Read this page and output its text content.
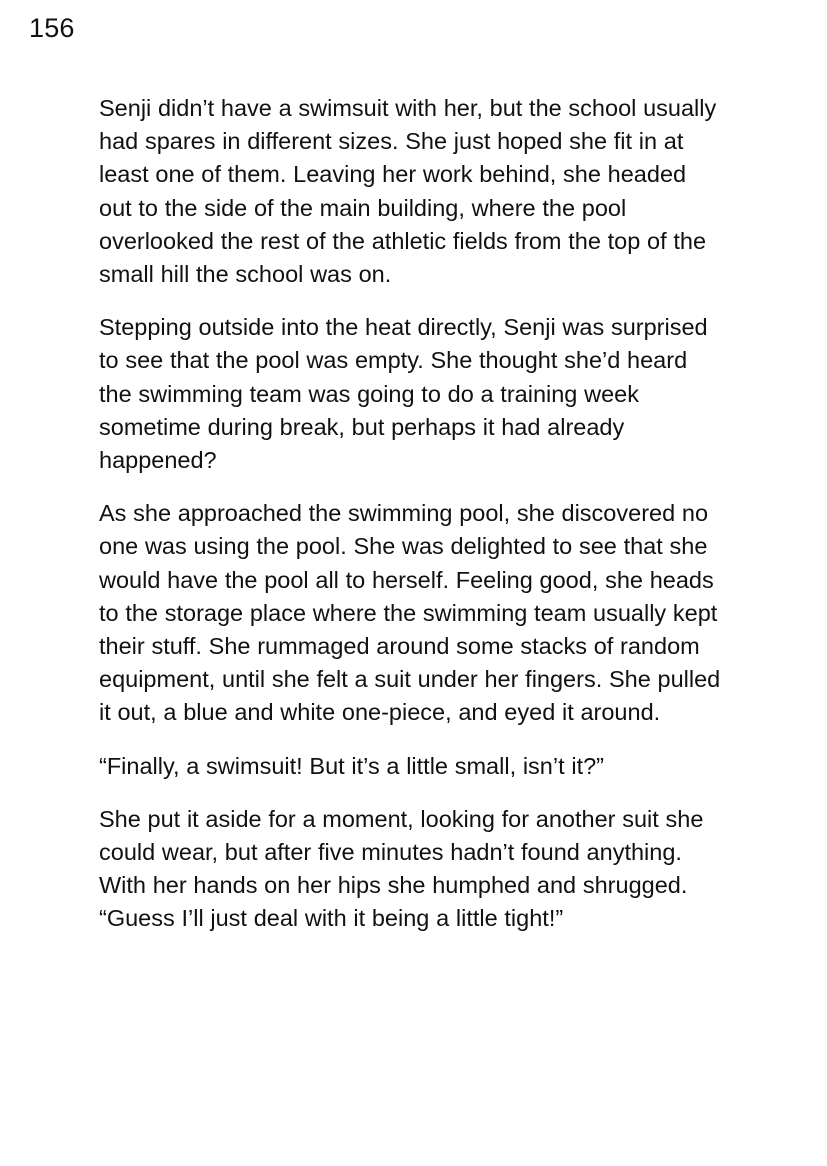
156

Senji didn’t have a swimsuit with her, but the school usually had spares in different sizes. She just hoped she fit in at least one of them. Leaving her work behind, she headed out to the side of the main building, where the pool overlooked the rest of the athletic fields from the top of the small hill the school was on.

Stepping outside into the heat directly, Senji was surprised to see that the pool was empty. She thought she’d heard the swimming team was going to do a training week sometime during break, but perhaps it had already happened?

As she approached the swimming pool, she discovered no one was using the pool. She was delighted to see that she would have the pool all to herself. Feeling good, she heads to the storage place where the swimming team usually kept their stuff. She rummaged around some stacks of random equipment, until she felt a suit under her fingers. She pulled it out, a blue and white one-piece, and eyed it around.

“Finally, a swimsuit! But it’s a little small, isn’t it?”

She put it aside for a moment, looking for another suit she could wear, but after five minutes hadn’t found anything. With her hands on her hips she humphed and shrugged. “Guess I’ll just deal with it being a little tight!”
